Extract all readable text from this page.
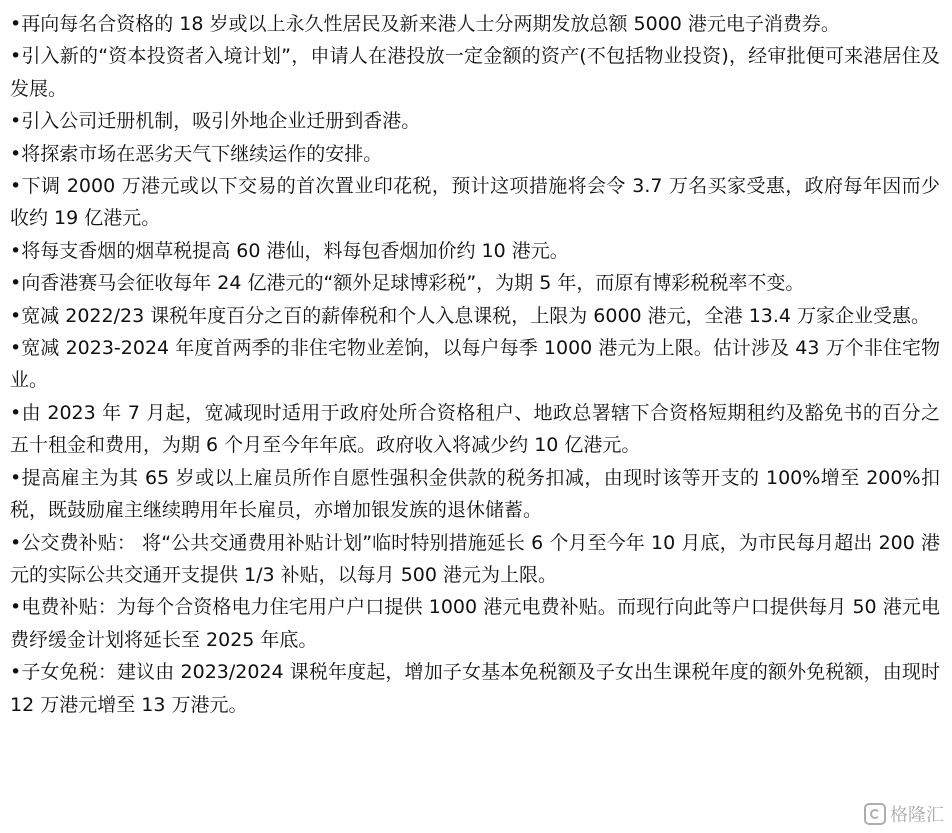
•再向每名合资格的 18 岁或以上永久性居民及新来港人士分两期发放总额 5000 港元电子消费券。

•引入新的“资本投资者入境计划”，申请人在港投放一定金额的资产(不包括物业投资)，经审批便可来港居住及发展。

•引入公司迁册机制，吸引外地企业迁册到香港。

•将探索市场在恶劣天气下继续运作的安排。

•下调 2000 万港元或以下交易的首次置业印花税，预计这项措施将会令 3.7 万名买家受惠，政府每年因而少收约 19 亿港元。

•将每支香烟的烟草税提高 60 港仙，料每包香烟加价约 10 港元。

•向香港赛马会征收每年 24 亿港元的“额外足球博彩税”，为期 5 年，而原有博彩税税率不变。

•宽减 2022/23 课税年度百分之百的薪俸税和个人入息课税，上限为 6000 港元，全港 13.4 万家企业受惠。

•宽减 2023-2024 年度首两季的非住宅物业差饷，以每户每季 1000 港元为上限。估计涉及 43 万个非住宅物业。

•由 2023 年 7 月起，宽减现时适用于政府处所合资格租户、地政总署辖下合资格短期租约及豁免书的百分之五十租金和费用，为期 6 个月至今年年底。政府收入将减少约 10 亿港元。

•提高雇主为其 65 岁或以上雇员所作自愿性强积金供款的税务扣减，由现时该等开支的 100%增至 200%扣税，既鼓励雇主继续聘用年长雇员，亦增加银发族的退休储蓄。

•公交费补贴： 将“公共交通费用补贴计划”临时特别措施延长 6 个月至今年 10 月底，为市民每月超出 200 港元的实际公共交通开支提供 1/3 补贴，以每月 500 港元为上限。

•电费补贴：为每个合资格电力住宅用户户口提供 1000 港元电费补贴。而现行向此等户口提供每月 50 港元电费纾缓金计划将延长至 2025 年底。

•子女免税：建议由 2023/2024 课税年度起，增加子女基本免税额及子女出生课税年度的额外免税额，由现时 12 万港元增至 13 万港元。

格隆汇
